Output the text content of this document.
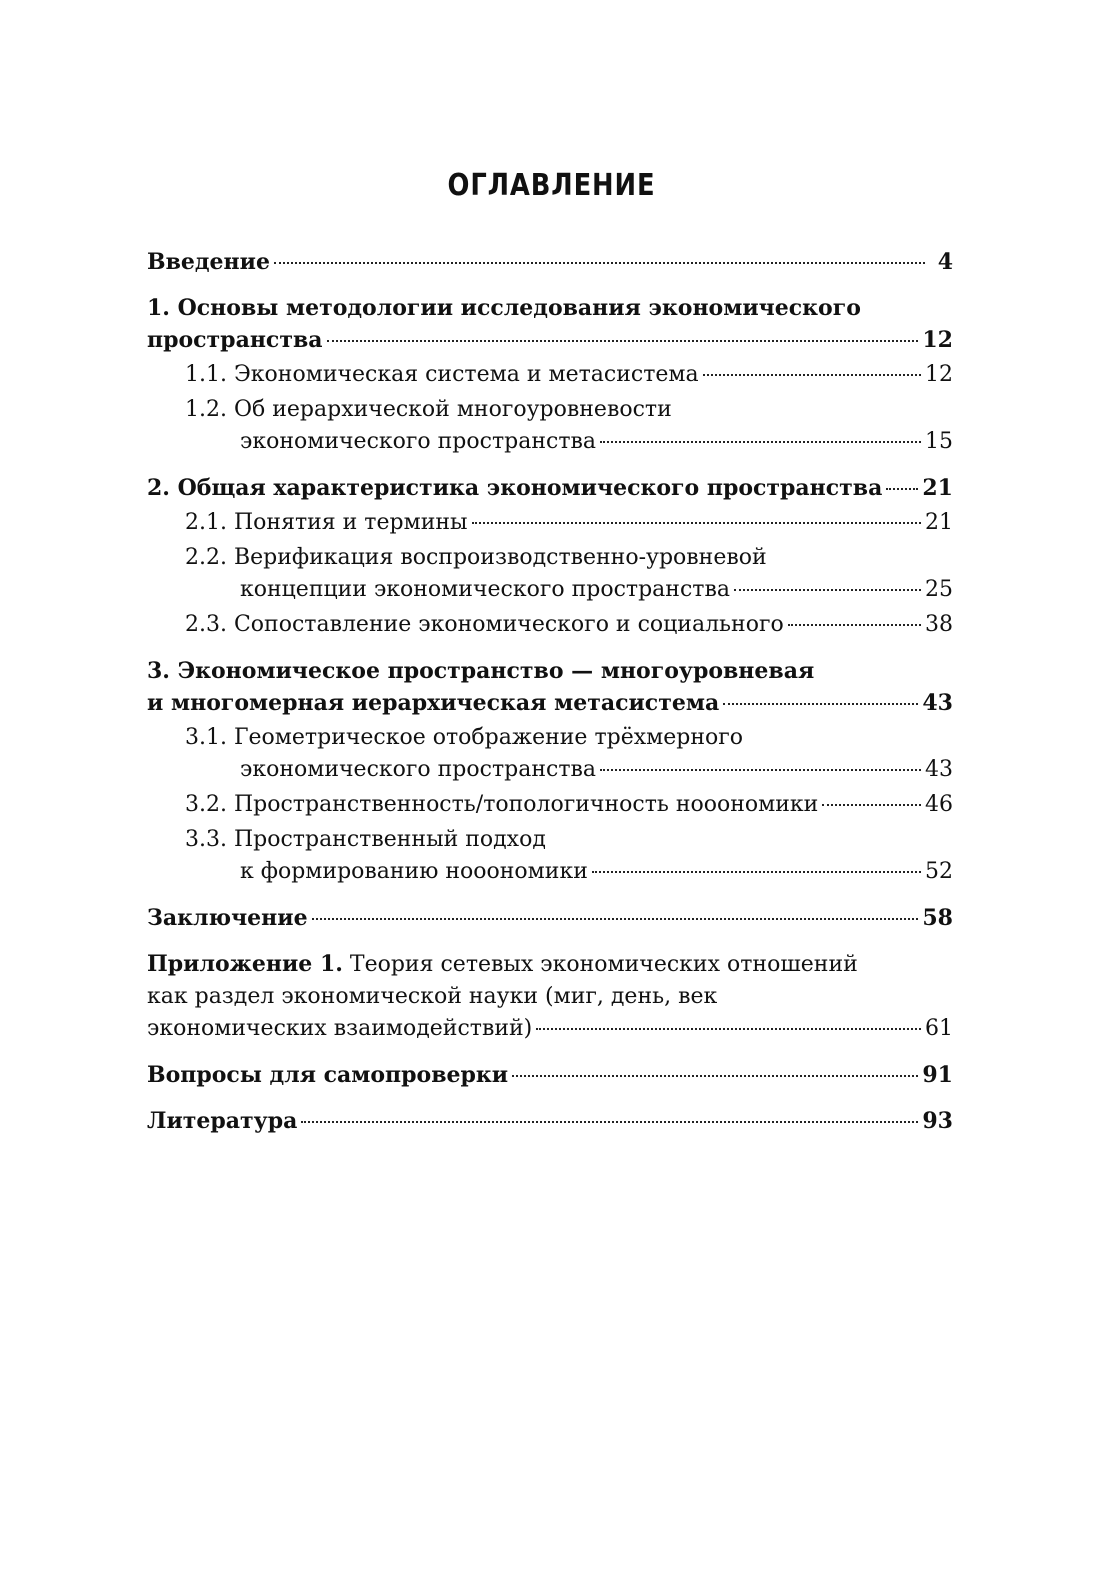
ОГЛАВЛЕНИЕ
Введение	4
1. Основы методологии исследования экономического
пространства	12
1.1. Экономическая система и метасистема	12
1.2. Об иерархической многоуровневости
экономического пространства	15
2. Общая характеристика экономического пространства 21
2.1. Понятия и термины	21
2.2. Верификация воспроизводственно-уровневой
концепции экономического пространства	25
2.3. Сопоставление экономического и социального	38
3. Экономическое пространство — многоуровневая
и многомерная иерархическая метасистема	43
3.1. Геометрическое отображение трёхмерного
экономического пространства	43
3.2. Пространственность/топологичность нооономики	46
3.3. Пространственный подход
к формированию нооономики	52
Заключение	58
Приложение 1. Теория сетевых экономических отношений
как раздел экономической науки (миг, день, век
экономических взаимодействий)	61
Вопросы для самопроверки	91
Литература	93
